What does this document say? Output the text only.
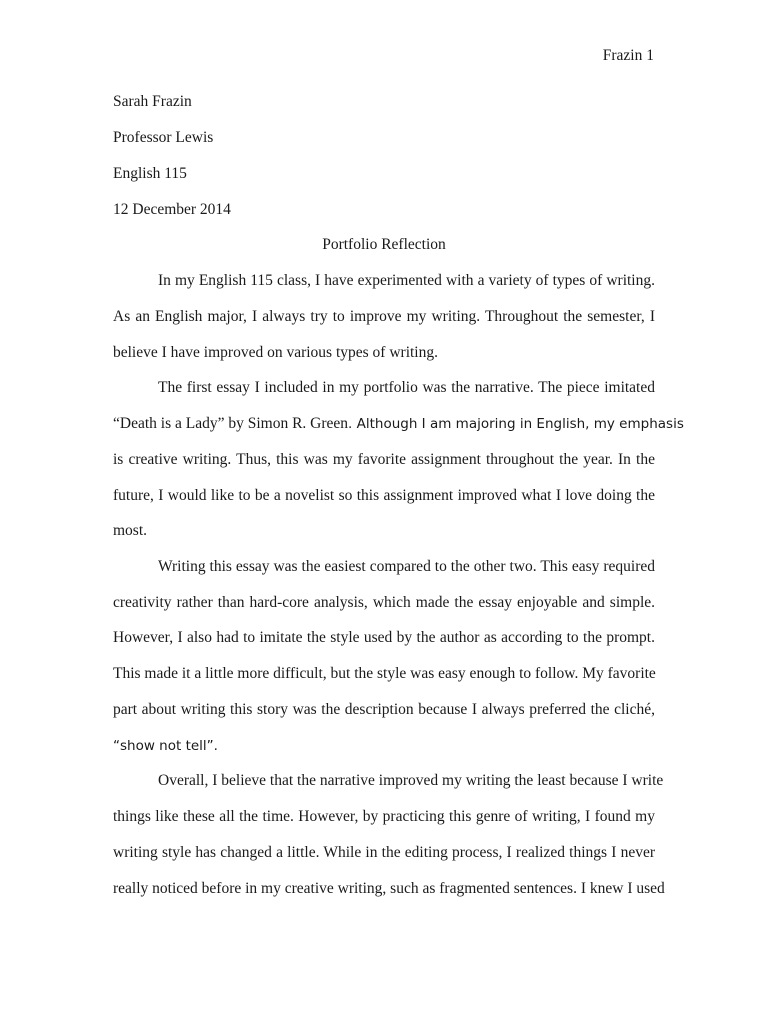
Frazin 1
Sarah Frazin
Professor Lewis
English 115
12 December 2014
Portfolio Reflection
In my English 115 class, I have experimented with a variety of types of writing.
As an English major, I always try to improve my writing. Throughout the semester, I
believe I have improved on various types of writing.
The first essay I included in my portfolio was the narrative. The piece imitated
“Death is a Lady” by Simon R. Green. Although I am majoring in English, my emphasis
is creative writing. Thus, this was my favorite assignment throughout the year. In the
future, I would like to be a novelist so this assignment improved what I love doing the
most.
Writing this essay was the easiest compared to the other two. This easy required
creativity rather than hard-core analysis, which made the essay enjoyable and simple.
However, I also had to imitate the style used by the author as according to the prompt.
This made it a little more difficult, but the style was easy enough to follow. My favorite
part about writing this story was the description because I always preferred the cliché,
“show not tell”.
Overall, I believe that the narrative improved my writing the least because I write
things like these all the time. However, by practicing this genre of writing, I found my
writing style has changed a little. While in the editing process, I realized things I never
really noticed before in my creative writing, such as fragmented sentences. I knew I used
